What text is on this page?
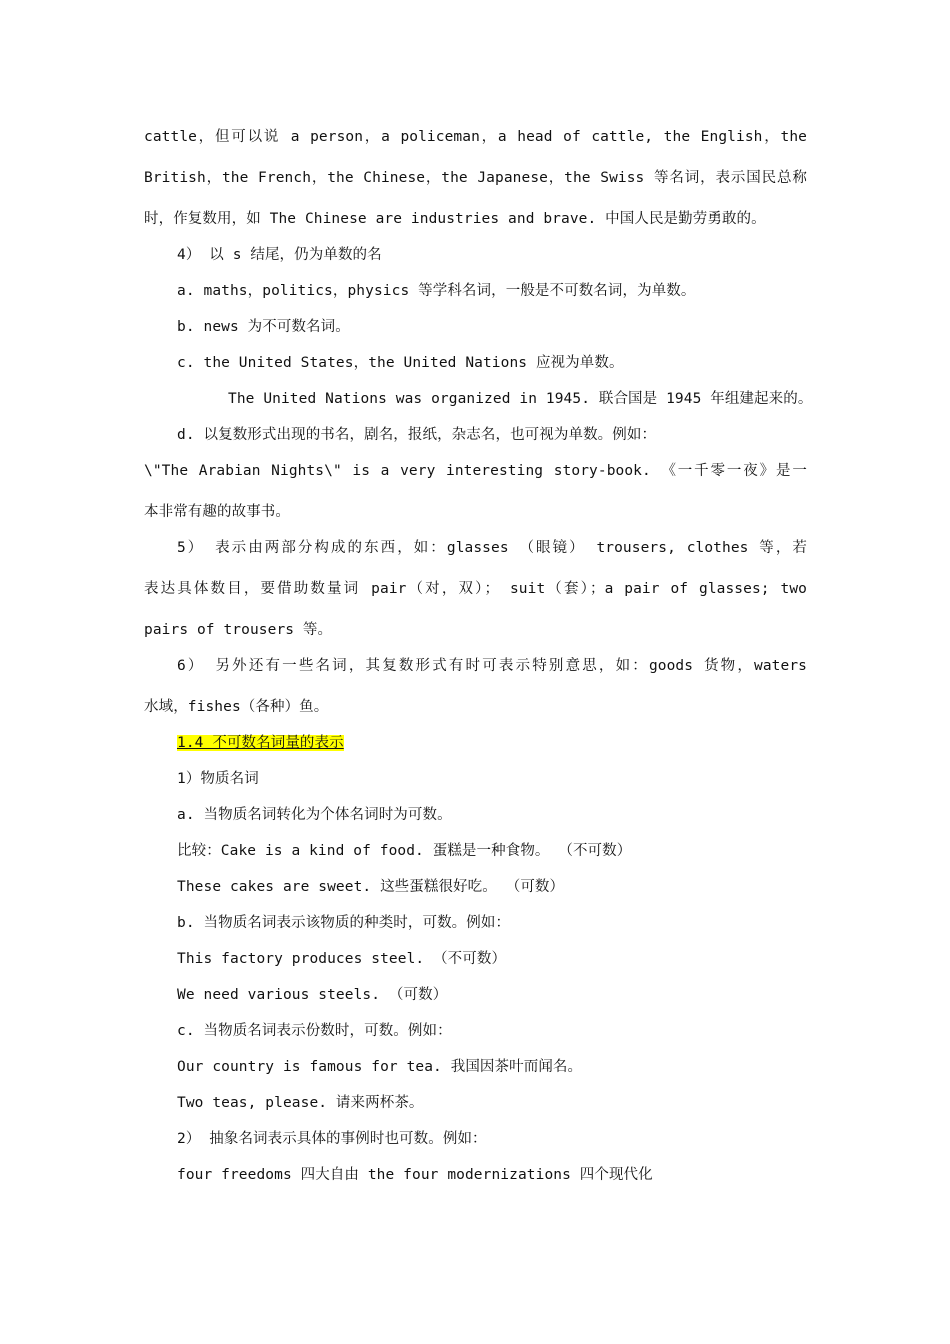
cattle，但可以说 a person，a policeman，a head of cattle, the English，the
British，the French，the Chinese，the Japanese，the Swiss 等名词，表示国民总称
时，作复数用，如 The Chinese are industries and brave. 中国人民是勤劳勇敢的。
4） 以 s 结尾，仍为单数的名
a. maths，politics，physics 等学科名词，一般是不可数名词，为单数。
b. news 为不可数名词。
c. the United States，the United Nations 应视为单数。
The United Nations was organized in 1945. 联合国是 1945 年组建起来的。
d. 以复数形式出现的书名，剧名，报纸，杂志名，也可视为单数。例如：
\"The Arabian Nights\" is a very interesting story-book. 《一千零一夜》是一
本非常有趣的故事书。
5） 表示由两部分构成的东西，如：glasses （眼镜） trousers, clothes 等，若
表达具体数目，要借助数量词 pair（对，双）； suit（套）；a pair of glasses; two
pairs of trousers 等。
6） 另外还有一些名词，其复数形式有时可表示特别意思，如：goods 货物，waters
水域，fishes（各种）鱼。
1.4 不可数名词量的表示
1）物质名词
a. 当物质名词转化为个体名词时为可数。
比较：Cake is a kind of food. 蛋糕是一种食物。 （不可数）
These cakes are sweet. 这些蛋糕很好吃。 （可数）
b. 当物质名词表示该物质的种类时，可数。例如：
This factory produces steel. （不可数）
We need various steels. （可数）
c. 当物质名词表示份数时，可数。例如：
Our country is famous for tea. 我国因茶叶而闻名。
Two teas, please. 请来两杯茶。
2） 抽象名词表示具体的事例时也可数。例如：
four freedoms 四大自由 the four modernizations 四个现代化
